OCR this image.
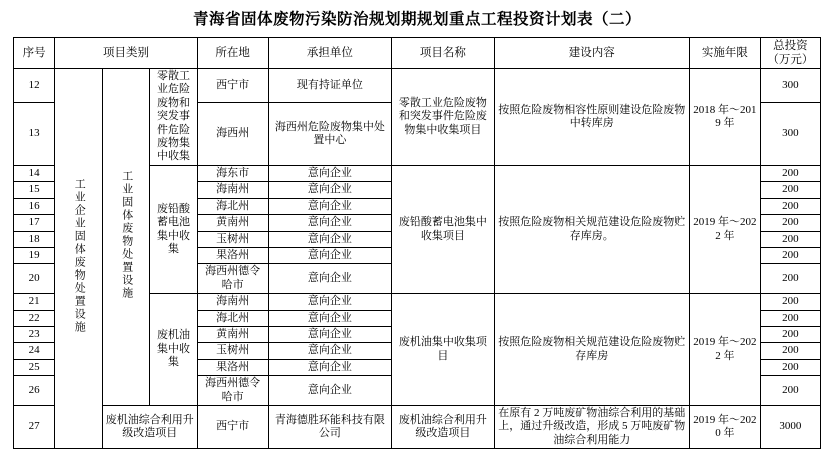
青海省固体废物污染防治规划期规划重点工程投资计划表（二）
序号	项目类别			所在地	承担单位	项目名称	建设内容	实施年限	总投资
（万元）
12	工业企业固体废物处置设施	工业固体废物处置设施	零散工业危险废物和突发事件危险废物集中收集	西宁市	现有持证单位	零散工业危险废物和突发事件危险废物集中收集项目	按照危险废物相容性原则建设危险废物中转库房	2018 年～2019 年	300
13				海西州	海西州危险废物集中处置中心				300
14			废铅酸蓄电池集中收集	海东市	意向企业	废铅酸蓄电池集中收集项目	按照危险废物相关规范建设危险废物贮存库房。	2019 年～2022 年	200
15				海南州	意向企业				200
16				海北州	意向企业				200
17				黄南州	意向企业				200
18				玉树州	意向企业				200
19				果洛州	意向企业				200
20				海西州德令哈市	意向企业				200
21			废机油集中收集	海南州	意向企业	废机油集中收集项目	按照危险废物相关规范建设危险废物贮存库房	2019 年～2022 年	200
22				海北州	意向企业				200
23				黄南州	意向企业				200
24				玉树州	意向企业				200
25				果洛州	意向企业				200
26				海西州德令哈市	意向企业				200
27		废机油综合利用升级改造项目		西宁市	青海德胜环能科技有限公司	废机油综合利用升级改造项目	在原有 2 万吨废矿物油综合利用的基础上，通过升级改造，形成 5 万吨废矿物油综合利用能力	2019 年～2020 年	3000
